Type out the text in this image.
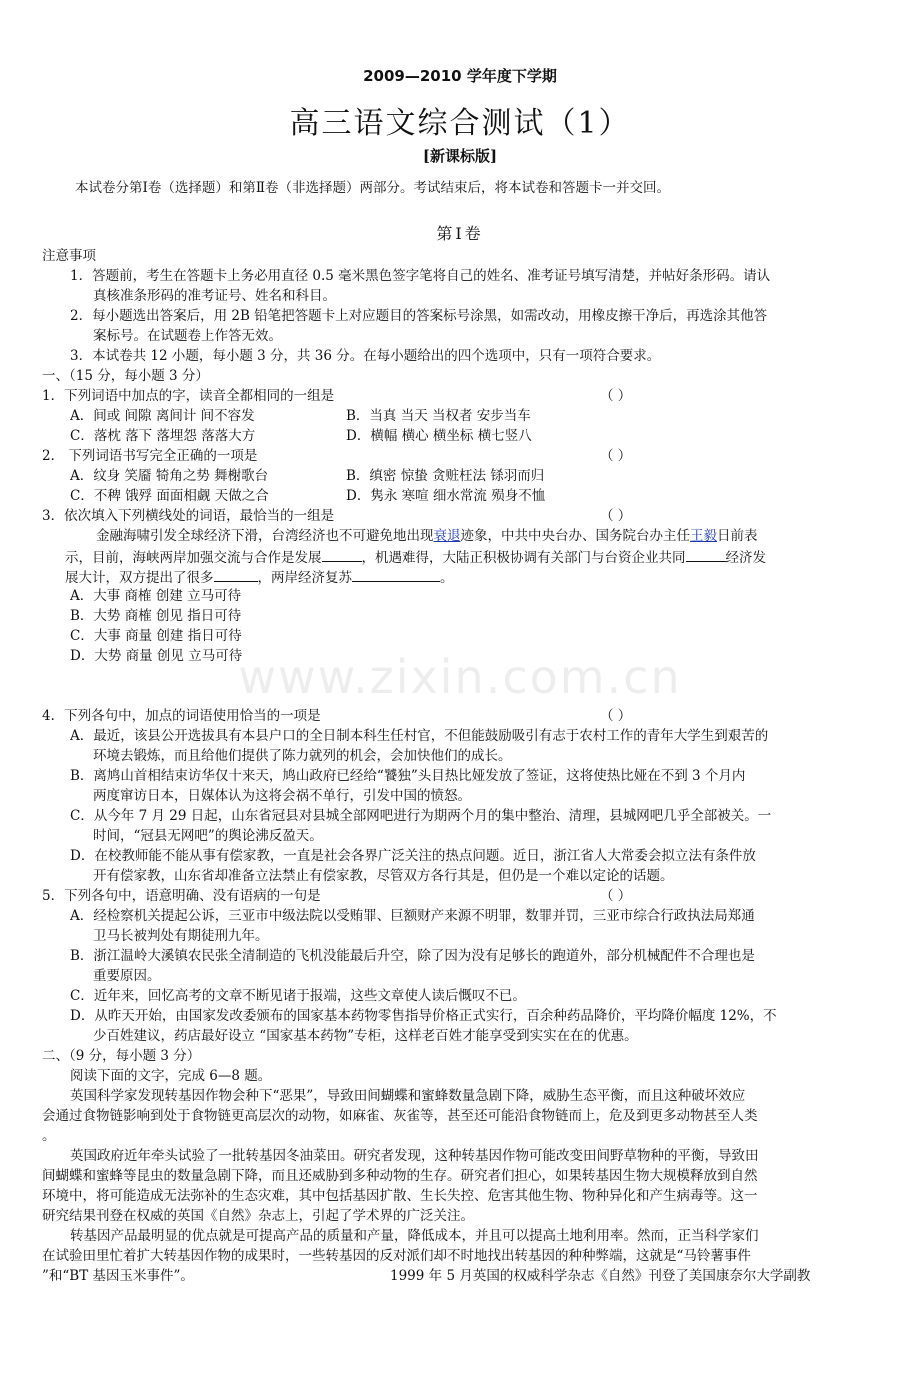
2009—2010 学年度下学期
高三语文综合测试（1）
[新课标版]
本试卷分第Ⅰ卷（选择题）和第Ⅱ卷（非选择题）两部分。考试结束后，将本试卷和答题卡一并交回。
第Ⅰ卷
注意事项
1．答题前，考生在答题卡上务必用直径 0.5 毫米黑色签字笔将自己的姓名、准考证号填写清楚，并帖好条形码。请认
真核准条形码的准考证号、姓名和科目。
2．每小题选出答案后，用 2B 铅笔把答题卡上对应题目的答案标号涂黑，如需改动，用橡皮擦干净后，再选涂其他答
案标号。在试题卷上作答无效。
3．本试卷共 12 小题，每小题 3 分，共 36 分。在每小题给出的四个选项中，只有一项符合要求。
一、（15 分，每小题 3 分）
1．下列词语中加点的字，读音全都相同的一组是	（ ）
A．间或 间隙 离间计 间不容发	B．当真 当天 当权者 安步当车
C．落枕 落下 落埋怨 落落大方	D．横幅 横心 横坐标 横七竖八
2． 下列词语书写完全正确的一项是	（ ）
A．纹身 笑靥 犄角之势 舞榭歌台	B．缜密 惊蛰 贪赃枉法 铩羽而归
C．不稗 饿殍 面面相觑 天做之合	D．隽永 寒喧 细水常流 殒身不恤
3．依次填入下列横线处的词语，最恰当的一组是	（ ）
金融海啸引发全球经济下滑，台湾经济也不可避免地出现衰退迹象，中共中央台办、国务院台办主任王毅日前表
示，目前，海峡两岸加强交流与合作是发展	，机遇难得，大陆正积极协调有关部门与台资企业共同	经济发
展大计，双方提出了很多	，两岸经济复苏	。
A．大事 商榷 创建 立马可待
B．大势 商榷 创见 指日可待
C．大事 商量 创建 指日可待
D．大势 商量 创见 立马可待
www.zixin.com.cn
4．下列各句中，加点的词语使用恰当的一项是	（ ）
A．最近，该县公开选拔具有本县户口的全日制本科生任村官，不但能鼓励吸引有志于农村工作的青年大学生到艰苦的
环境去锻炼，而且给他们提供了陈力就列的机会，会加快他们的成长。
B．离鸠山首相结束访华仅十来天，鸠山政府已经给“饕独”头目热比娅发放了签证，这将使热比娅在不到 3 个月内
两度窜访日本，日媒体认为这将会祸不单行，引发中国的愤怒。
C．从今年 7 月 29 日起，山东省冠县对县城全部网吧进行为期两个月的集中整治、清理，县城网吧几乎全部被关。一
时间，“冠县无网吧”的舆论沸反盈天。
D．在校教师能不能从事有偿家教，一直是社会各界广泛关注的热点问题。近日，浙江省人大常委会拟立法有条件放
开有偿家教，山东省却准备立法禁止有偿家教，尽管双方各行其是，但仍是一个难以定论的话题。
5．下列各句中，语意明确、没有语病的一句是	（ ）
A．经检察机关提起公诉，三亚市中级法院以受贿罪、巨额财产来源不明罪，数罪并罚，三亚市综合行政执法局郑通
卫马长被判处有期徒刑九年。
B．浙江温岭大溪镇农民张全清制造的飞机没能最后升空，除了因为没有足够长的跑道外，部分机械配件不合理也是
重要原因。
C．近年来，回忆高考的文章不断见诸于报端，这些文章使人读后慨叹不已。
D．从昨天开始，由国家发改委颁布的国家基本药物零售指导价格正式实行，百余种药品降价，平均降价幅度 12%，不
少百姓建议，药店最好设立 “国家基本药物”专柜，这样老百姓才能享受到实实在在的优惠。
二、（9 分，每小题 3 分）
阅读下面的文字，完成 6—8 题。
英国科学家发现转基因作物会种下“恶果”，导致田间蝴蝶和蜜蜂数量急剧下降，威胁生态平衡，而且这种破坏效应
会通过食物链影响到处于食物链更高层次的动物，如麻雀、灰雀等，甚至还可能沿食物链而上，危及到更多动物甚至人类
。
英国政府近年牵头试验了一批转基因冬油菜田。研究者发现，这种转基因作物可能改变田间野草物种的平衡，导致田
间蝴蝶和蜜蜂等昆虫的数量急剧下降，而且还威胁到多种动物的生存。研究者们担心，如果转基因生物大规模释放到自然
环境中，将可能造成无法弥补的生态灾难，其中包括基因扩散、生长失控、危害其他生物、物种异化和产生病毒等。这一
研究结果刊登在权威的英国《自然》杂志上，引起了学术界的广泛关注。
转基因产品最明显的优点就是可提高产品的质量和产量，降低成本，并且可以提高土地利用率。然而，正当科学家们
在试验田里忙着扩大转基因作物的成果时，一些转基因的反对派们却不时地找出转基因的种种弊端，这就是“马铃薯事件
”和“BT 基因玉米事件”。	1999 年 5 月英国的权威科学杂志《自然》刊登了美国康奈尔大学副教
